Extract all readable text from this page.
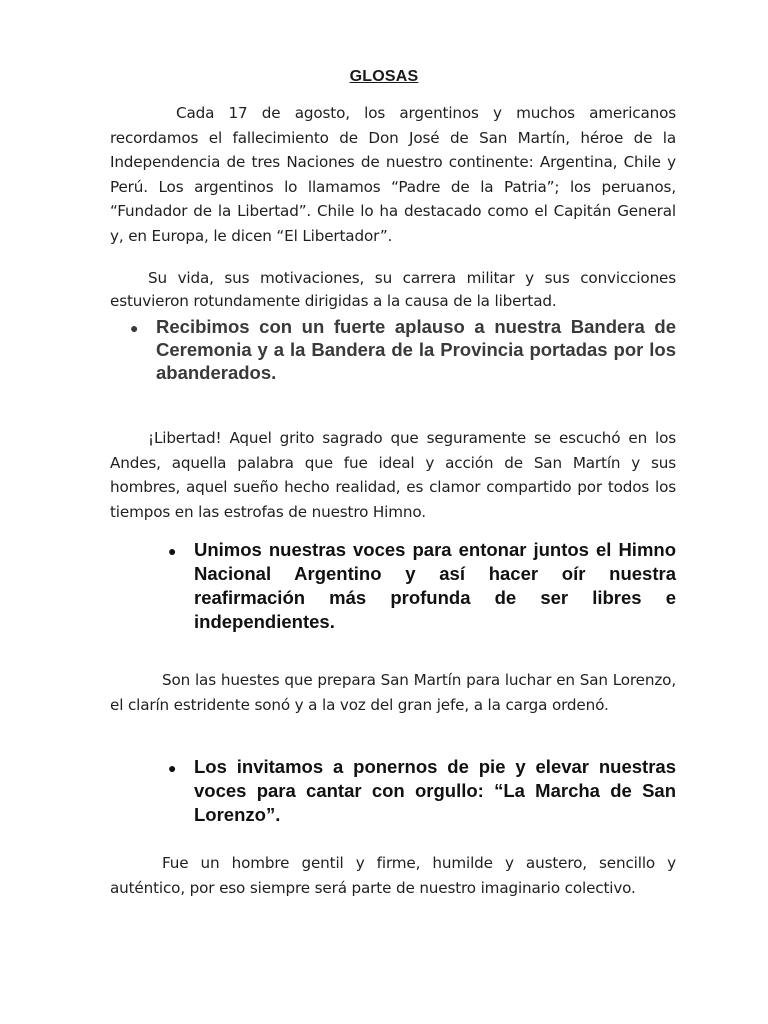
GLOSAS

Cada 17 de agosto, los argentinos y muchos americanos recordamos el fallecimiento de Don José de San Martín, héroe de la Independencia de tres Naciones de nuestro continente: Argentina, Chile y Perú. Los argentinos lo llamamos “Padre de la Patria”; los peruanos, “Fundador de la Libertad”. Chile lo ha destacado como el Capitán General y, en Europa, le dicen “El Libertador”.

Su vida, sus motivaciones, su carrera militar y sus convicciones estuvieron rotundamente dirigidas a la causa de la libertad.

● Recibimos con un fuerte aplauso a nuestra Bandera de Ceremonia y a la Bandera de la Provincia portadas por los abanderados.

¡Libertad! Aquel grito sagrado que seguramente se escuchó en los Andes, aquella palabra que fue ideal y acción de San Martín y sus hombres, aquel sueño hecho realidad, es clamor compartido por todos los tiempos en las estrofas de nuestro Himno.

● Unimos nuestras voces para entonar juntos el Himno Nacional Argentino y así hacer oír nuestra reafirmación más profunda de ser libres e independientes.

Son las huestes que prepara San Martín para luchar en San Lorenzo, el clarín estridente sonó y a la voz del gran jefe, a la carga ordenó.

● Los invitamos a ponernos de pie y elevar nuestras voces para cantar con orgullo: “La Marcha de San Lorenzo”.

Fue un hombre gentil y firme, humilde y austero, sencillo y auténtico, por eso siempre será parte de nuestro imaginario colectivo.
